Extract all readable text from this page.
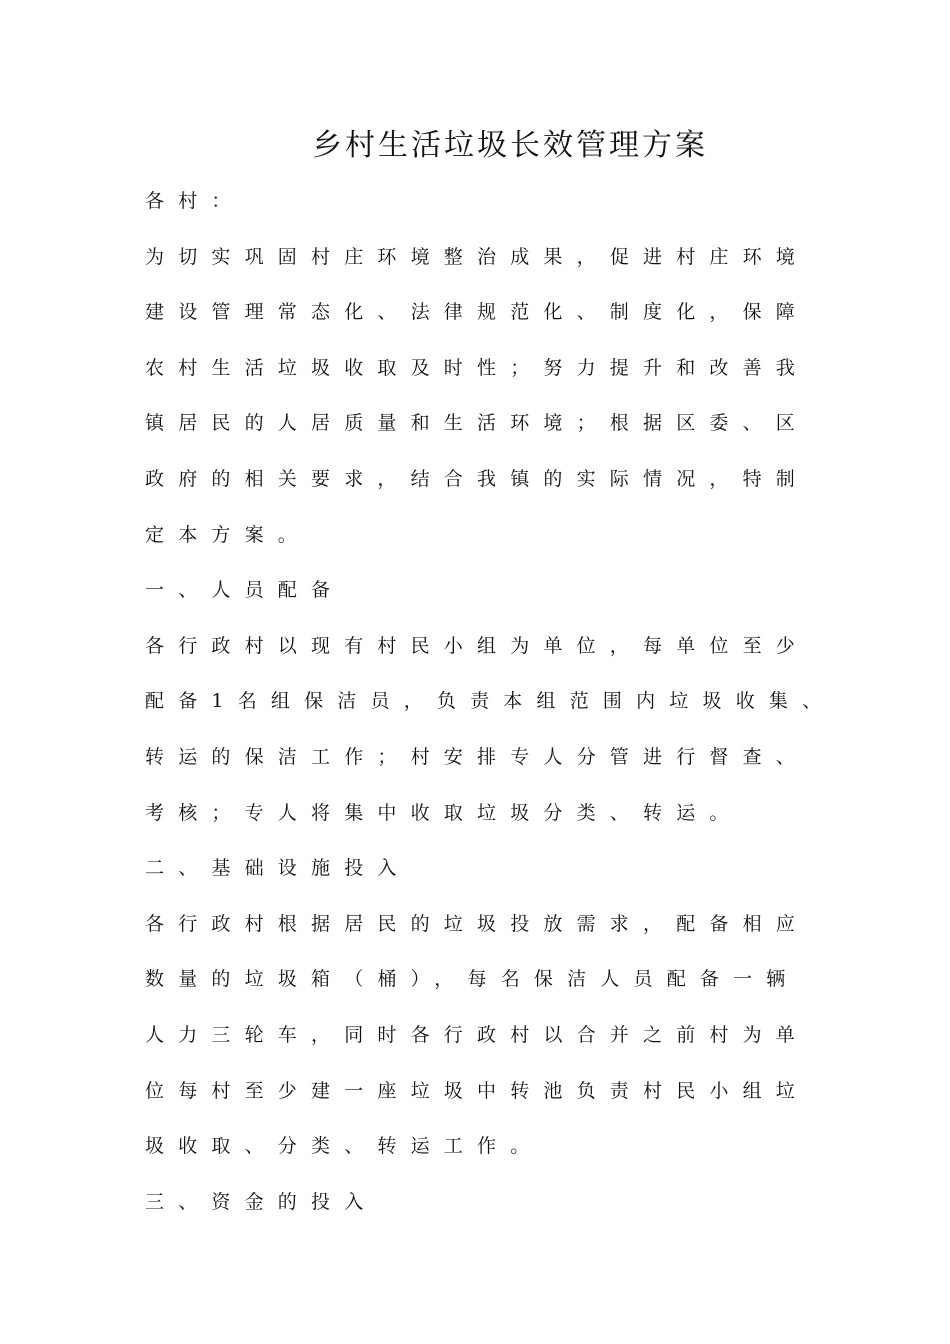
乡村生活垃圾长效管理方案
各村：
为切实巩固村庄环境整治成果，促进村庄环境
建设管理常态化、法律规范化、制度化，保障
农村生活垃圾收取及时性；努力提升和改善我
镇居民的人居质量和生活环境；根据区委、区
政府的相关要求，结合我镇的实际情况，特制
定本方案。
一、人员配备
各行政村以现有村民小组为单位，每单位至少
配备1名组保洁员，负责本组范围内垃圾收集、
转运的保洁工作；村安排专人分管进行督查、
考核；专人将集中收取垃圾分类、转运。
二、基础设施投入
各行政村根据居民的垃圾投放需求，配备相应
数量的垃圾箱（桶），每名保洁人员配备一辆
人力三轮车，同时各行政村以合并之前村为单
位每村至少建一座垃圾中转池负责村民小组垃
圾收取、分类、转运工作。
三、资金的投入
